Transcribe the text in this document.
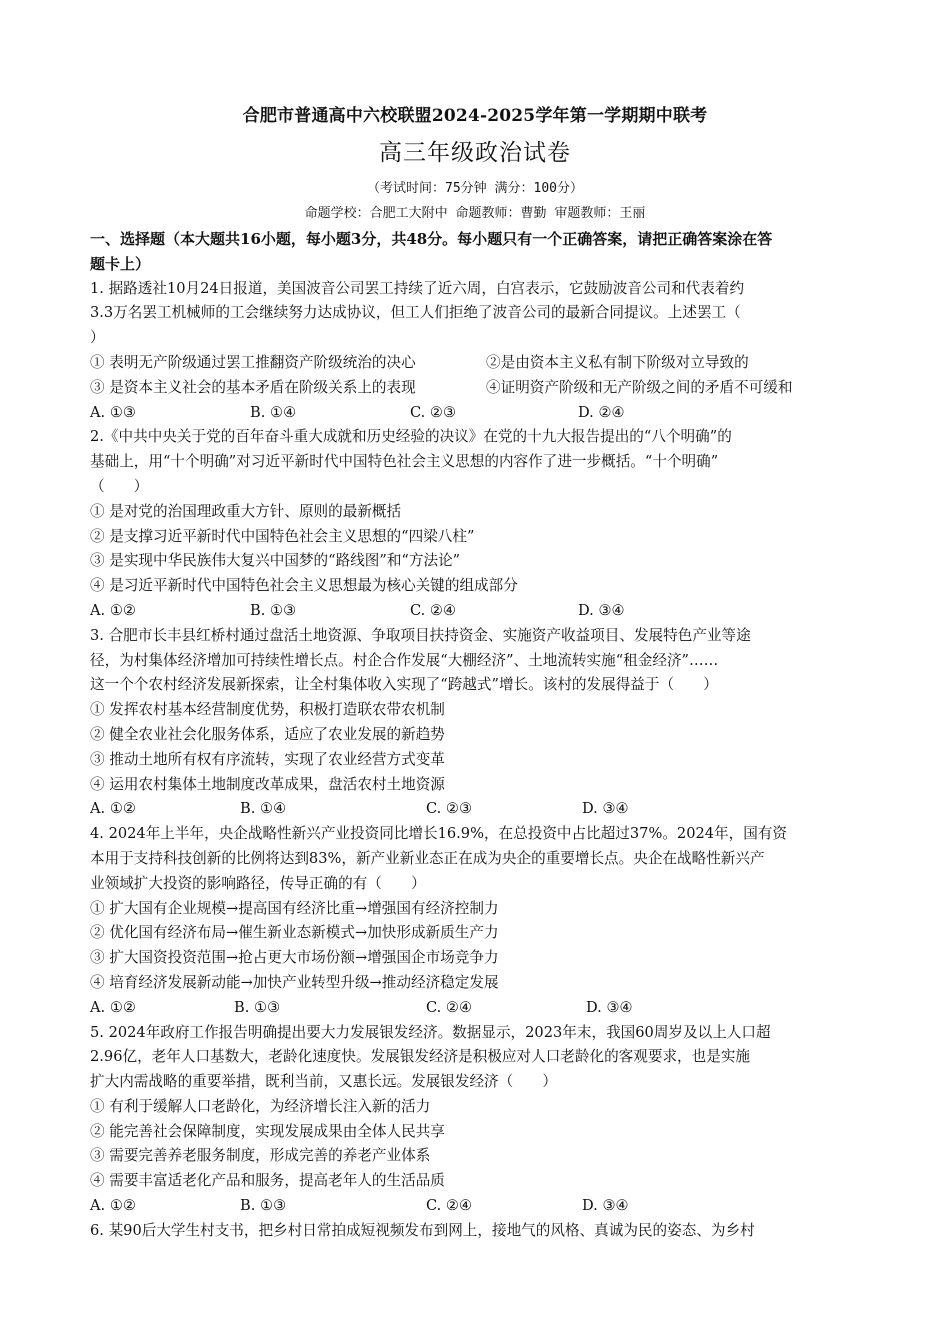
合肥市普通高中六校联盟2024-2025学年第一学期期中联考
高三年级政治试卷
（考试时间：75分钟 满分：100分）
命题学校：合肥工大附中 命题教师：曹勤 审题教师：王丽
一、选择题（本大题共16小题，每小题3分，共48分。每小题只有一个正确答案，请把正确答案涂在答
题卡上）
1. 据路透社10月24日报道，美国波音公司罢工持续了近六周，白宫表示，它鼓励波音公司和代表着约
3.3万名罢工机械师的工会继续努力达成协议，但工人们拒绝了波音公司的最新合同提议。上述罢工（
）
① 表明无产阶级通过罢工推翻资产阶级统治的决心	②是由资本主义私有制下阶级对立导致的
③ 是资本主义社会的基本矛盾在阶级关系上的表现	④证明资产阶级和无产阶级之间的矛盾不可缓和
A. ①③	B. ①④	C. ②③	D. ②④
2.《中共中央关于党的百年奋斗重大成就和历史经验的决议》在党的十九大报告提出的“八个明确”的
基础上，用“十个明确”对习近平新时代中国特色社会主义思想的内容作了进一步概括。“十个明确”
（　　）
① 是对党的治国理政重大方针、原则的最新概括
② 是支撑习近平新时代中国特色社会主义思想的“四梁八柱”
③ 是实现中华民族伟大复兴中国梦的“路线图”和“方法论”
④ 是习近平新时代中国特色社会主义思想最为核心关键的组成部分
A. ①②	B. ①③	C. ②④	D. ③④
3. 合肥市长丰县红桥村通过盘活土地资源、争取项目扶持资金、实施资产收益项目、发展特色产业等途
径，为村集体经济增加可持续性增长点。村企合作发展“大棚经济”、土地流转实施“租金经济”……
这一个个农村经济发展新探索，让全村集体收入实现了“跨越式”增长。该村的发展得益于（　　）
① 发挥农村基本经营制度优势，积极打造联农带农机制
② 健全农业社会化服务体系，适应了农业发展的新趋势
③ 推动土地所有权有序流转，实现了农业经营方式变革
④ 运用农村集体土地制度改革成果，盘活农村土地资源
A. ①②	B. ①④	C. ②③	D. ③④
4. 2024年上半年，央企战略性新兴产业投资同比增长16.9%，在总投资中占比超过37%。2024年，国有资
本用于支持科技创新的比例将达到83%，新产业新业态正在成为央企的重要增长点。央企在战略性新兴产
业领域扩大投资的影响路径，传导正确的有（　　）
① 扩大国有企业规模→提高国有经济比重→增强国有经济控制力
② 优化国有经济布局→催生新业态新模式→加快形成新质生产力
③ 扩大国资投资范围→抢占更大市场份额→增强国企市场竞争力
④ 培育经济发展新动能→加快产业转型升级→推动经济稳定发展
A. ①②	B. ①③	C. ②④	D. ③④
5. 2024年政府工作报告明确提出要大力发展银发经济。数据显示，2023年末，我国60周岁及以上人口超
2.96亿，老年人口基数大，老龄化速度快。发展银发经济是积极应对人口老龄化的客观要求，也是实施
扩大内需战略的重要举措，既利当前，又惠长远。发展银发经济（　　）
① 有利于缓解人口老龄化，为经济增长注入新的活力
② 能完善社会保障制度，实现发展成果由全体人民共享
③ 需要完善养老服务制度，形成完善的养老产业体系
④ 需要丰富适老化产品和服务，提高老年人的生活品质
A. ①②	B. ①③	C. ②④	D. ③④
6. 某90后大学生村支书，把乡村日常拍成短视频发布到网上，接地气的风格、真诚为民的姿态、为乡村
